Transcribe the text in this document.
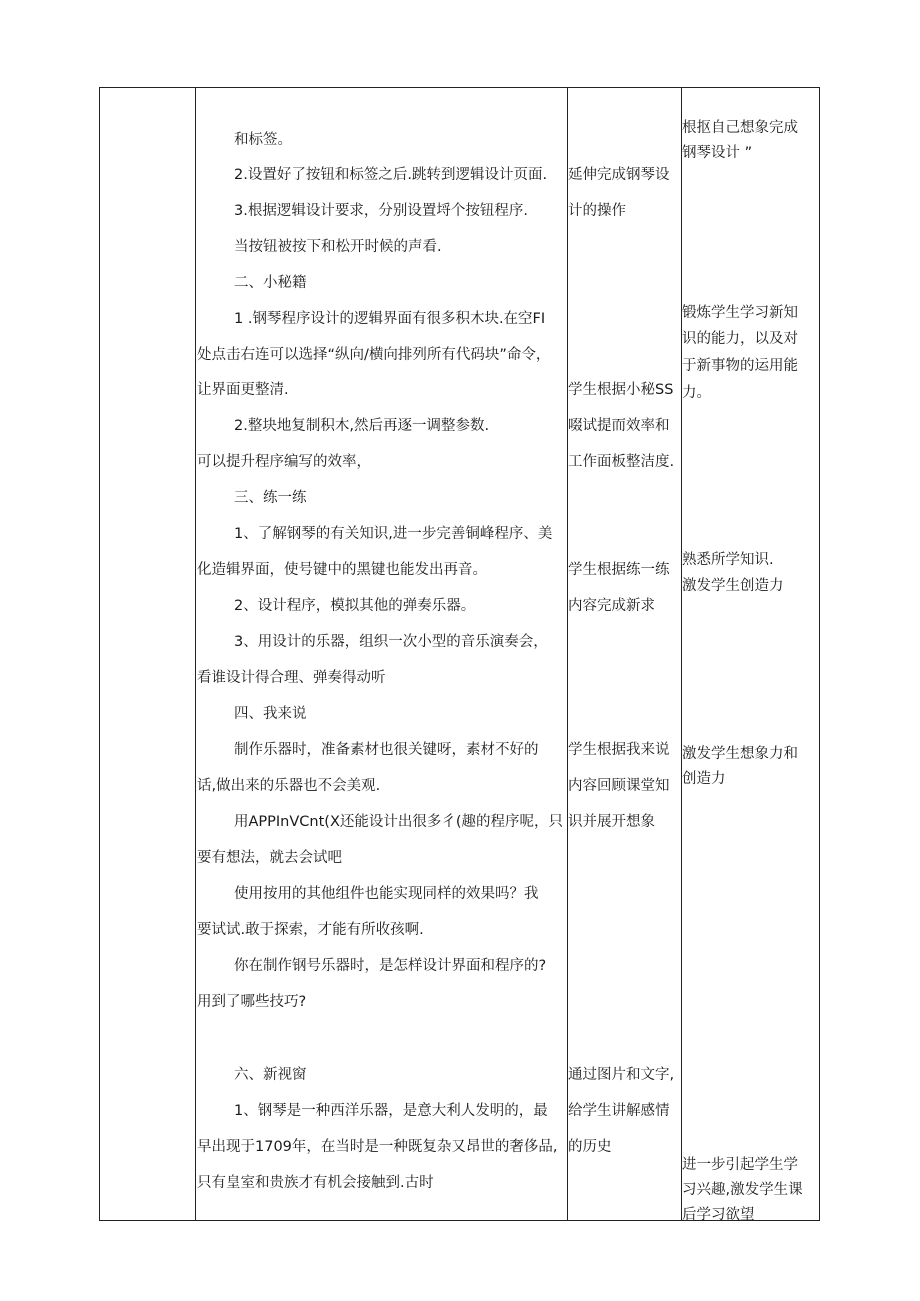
和标签。
2.设置好了按钮和标签之后.跳转到逻辑设计页面.
3.根据逻辑设计要求，分别设置埒个按钮程序.
当按钮被按下和松开时候的声看.
二、小秘籍
1 .钢琴程序设计的逻辑界面有很多积木块.在空FI
处点击右连可以选择“纵向/横向排列所有代码块”命令，
让界面更整清.
2.整块地复制积木,然后再逐一调整参数.
可以提升程序编写的效率，
三、练一练
1、了解钢琴的有关知识,进一步完善铜峰程序、美
化造辑界面，使号键中的黑键也能发出再音。
2、设计程序，模拟其他的弹奏乐器。
3、用设计的乐器，组织一次小型的音乐演奏会，
看谁设计得合理、弹奏得动听
四、我来说
制作乐器时，准备素材也很关键呀，素材不好的
话,做出来的乐器也不会美观.
用APPInVCnt(X还能设计出很多彳(趣的程序呢，只
要有想法，就去会试吧
使用按用的其他组件也能实现同样的效果吗？我
要试试.敢于探索，才能有所收孩啊.
你在制作钢号乐器时，是怎样设计界面和程序的?
用到了哪些技巧?
六、新视窗
1、钢琴是一种西洋乐器，是意大利人发明的，最
早出现于1709年，在当时是一种既复杂又昂世的奢侈品,
只有皇室和贵族才有机会接触到.古时
延伸完成钢琴设
计的操作
学生根据小秘SS
啜试提而效率和
工作面板整洁度.
学生根据练一练
内容完成新求
学生根据我来说
内容回顾课堂知
识并展开想象
通过图片和文字,
给学生讲解感情
的历史
根抠自己想象完成
钢琴设计 ”
锻炼学生学习新知
识的能力，以及对
于新事物的运用能
力。
熟悉所学知识.
激发学生创造力
激发学生想象力和
创造力
进一步引起学生学
习兴趣,激发学生课
后学习欲望
